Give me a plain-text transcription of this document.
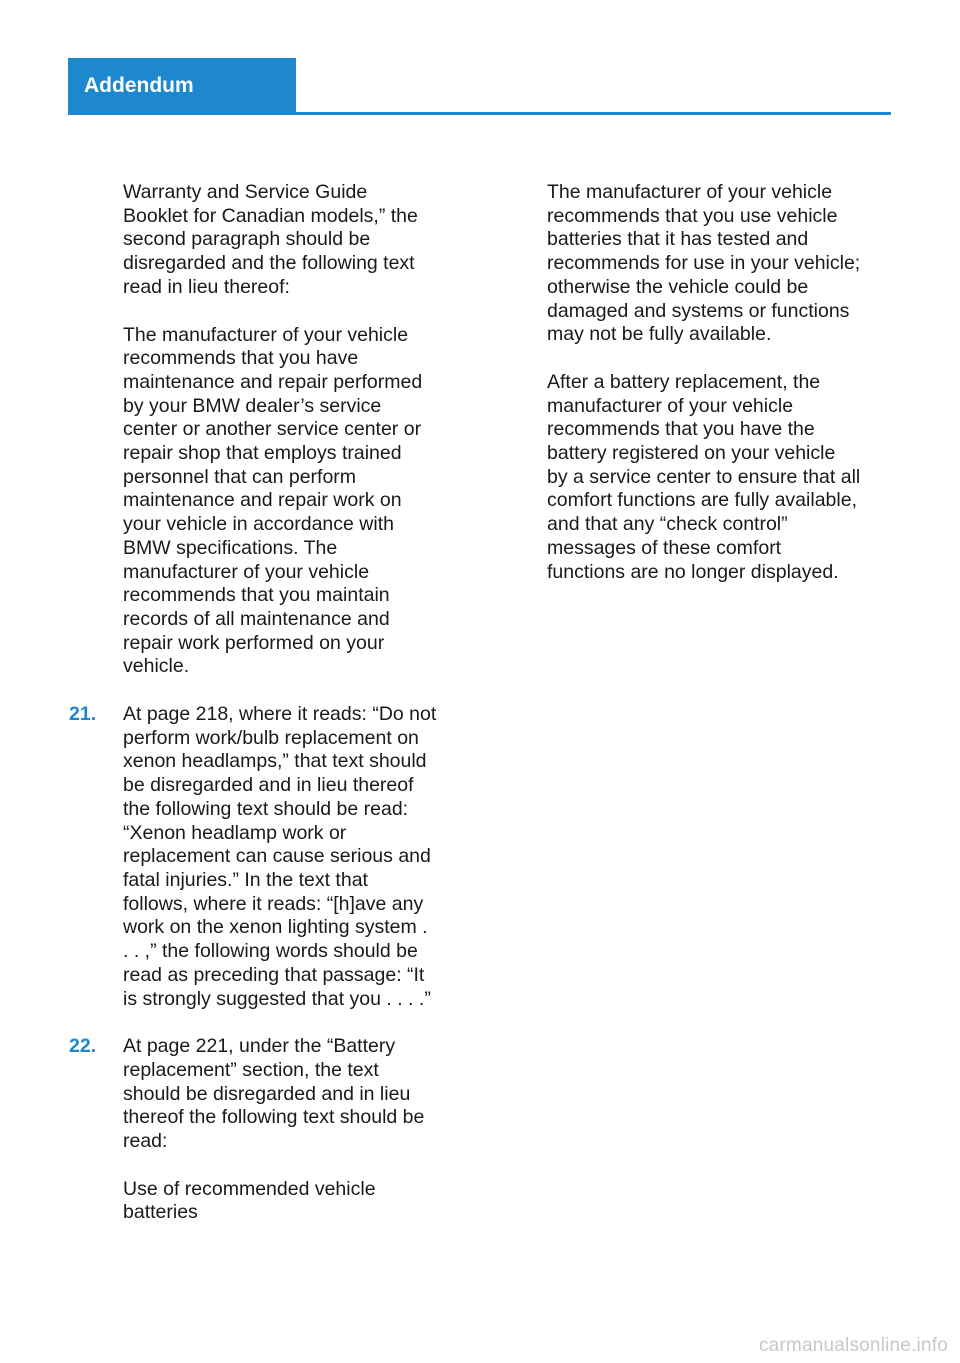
Addendum

Warranty and Service Guide
Booklet for Canadian models,” the
second paragraph should be
disregarded and the following text
read in lieu thereof:

The manufacturer of your vehicle
recommends that you have
maintenance and repair performed
by your BMW dealer’s service
center or another service center or
repair shop that employs trained
personnel that can perform
maintenance and repair work on
your vehicle in accordance with
BMW specifications. The
manufacturer of your vehicle
recommends that you maintain
records of all maintenance and
repair work performed on your
vehicle.

21. At page 218, where it reads: “Do not
perform work/bulb replacement on
xenon headlamps,” that text should
be disregarded and in lieu thereof
the following text should be read:
“Xenon headlamp work or
replacement can cause serious and
fatal injuries.” In the text that
follows, where it reads: “[h]ave any
work on the xenon lighting system .
. . ,” the following words should be
read as preceding that passage: “It
is strongly suggested that you . . . .”

22. At page 221, under the “Battery
replacement” section, the text
should be disregarded and in lieu
thereof the following text should be
read:

Use of recommended vehicle
batteries

The manufacturer of your vehicle
recommends that you use vehicle
batteries that it has tested and
recommends for use in your vehicle;
otherwise the vehicle could be
damaged and systems or functions
may not be fully available.

After a battery replacement, the
manufacturer of your vehicle
recommends that you have the
battery registered on your vehicle
by a service center to ensure that all
comfort functions are fully available,
and that any “check control”
messages of these comfort
functions are no longer displayed.

carmanualsonline.info
